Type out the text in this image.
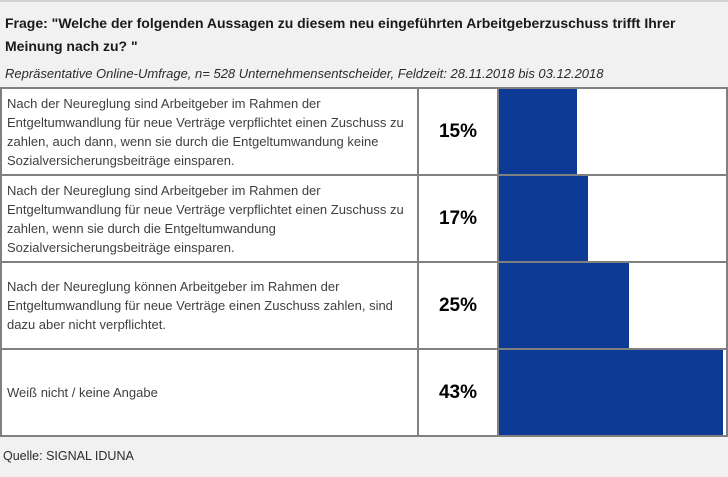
Frage: "Welche der folgenden Aussagen zu diesem neu eingeführten Arbeitgeberzuschuss trifft Ihrer Meinung nach zu? "
Repräsentative Online-Umfrage, n= 528 Unternehmensentscheider, Feldzeit: 28.11.2018 bis 03.12.2018
Nach der Neureglung sind Arbeitgeber im Rahmen der Entgeltumwandlung für neue Verträge verpflichtet einen Zuschuss zu zahlen, auch dann, wenn sie durch die Entgeltumwandung keine Sozialversicherungsbeiträge einsparen.
15%
Nach der Neureglung sind Arbeitgeber im Rahmen der Entgeltumwandlung für neue Verträge verpflichtet einen Zuschuss zu zahlen, wenn sie durch die Entgeltumwandung Sozialversicherungsbeiträge einsparen.
17%
Nach der Neureglung können Arbeitgeber im Rahmen der Entgeltumwandlung für neue Verträge einen Zuschuss zahlen, sind dazu aber nicht verpflichtet.
25%
Weiß nicht / keine Angabe	43%
Quelle: SIGNAL IDUNA
